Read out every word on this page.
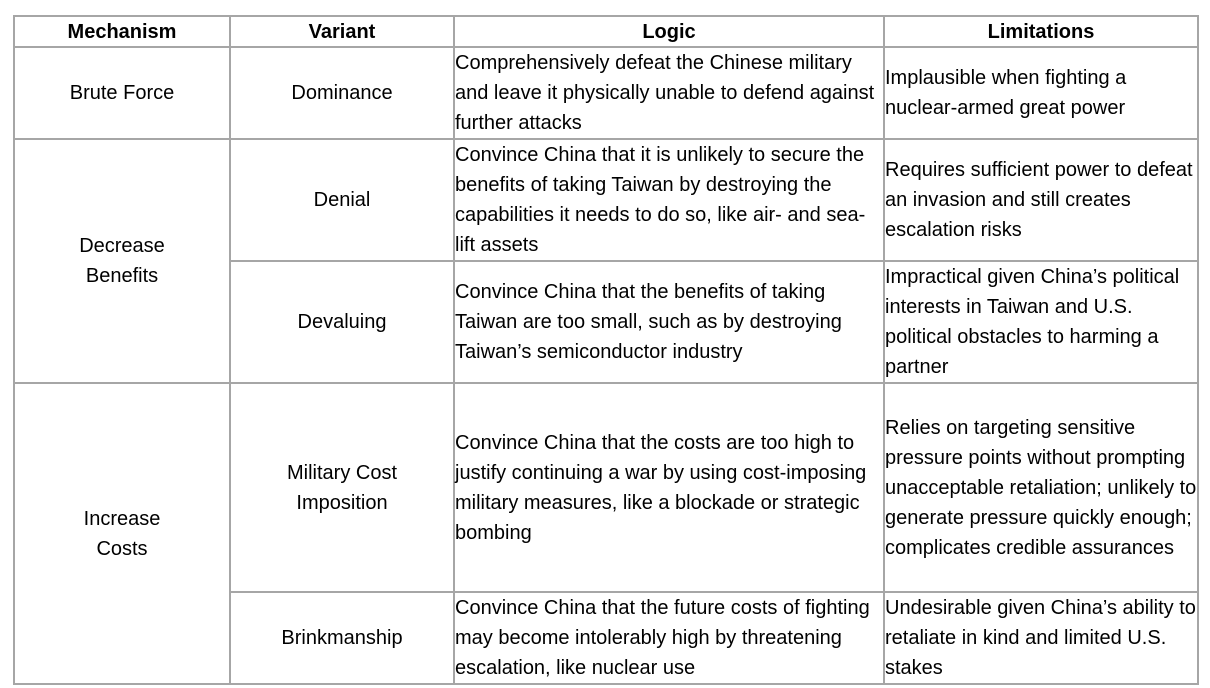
Mechanism	Variant	Logic	Limitations
Brute Force	Dominance	Comprehensively defeat the Chinese military and leave it physically unable to defend against further attacks	Implausible when fighting a nuclear-armed great power
Decrease Benefits	Denial	Convince China that it is unlikely to secure the benefits of taking Taiwan by destroying the capabilities it needs to do so, like air- and sea-lift assets	Requires sufficient power to defeat an invasion and still creates escalation risks
	Devaluing	Convince China that the benefits of taking Taiwan are too small, such as by destroying Taiwan’s semiconductor industry	Impractical given China’s political interests in Taiwan and U.S. political obstacles to harming a partner
Increase Costs	Military Cost Imposition	Convince China that the costs are too high to justify continuing a war by using cost-imposing military measures, like a blockade or strategic bombing	Relies on targeting sensitive pressure points without prompting unacceptable retaliation; unlikely to generate pressure quickly enough; complicates credible assurances
	Brinkmanship	Convince China that the future costs of fighting may become intolerably high by threatening escalation, like nuclear use	Undesirable given China’s ability to retaliate in kind and limited U.S. stakes
